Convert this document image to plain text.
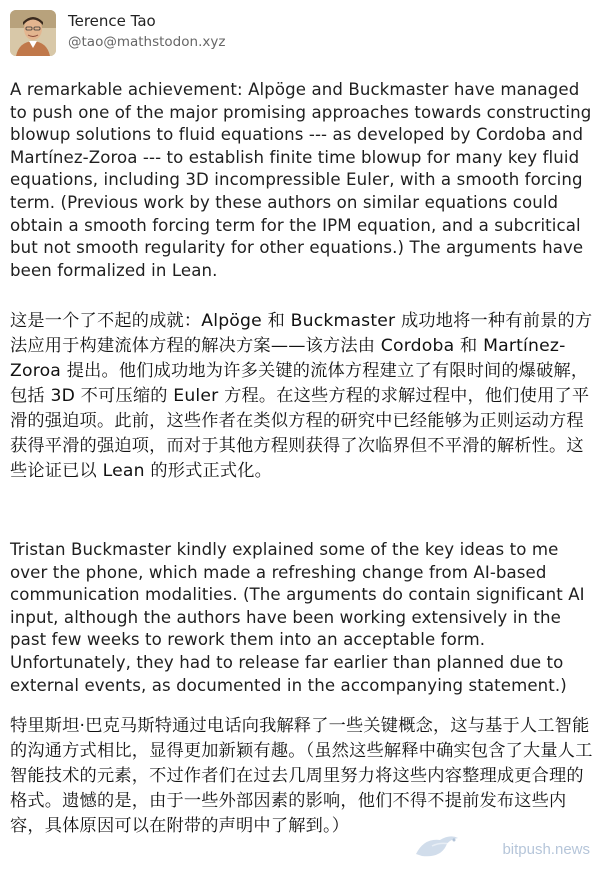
Terence Tao
@tao@mathstodon.xyz

A remarkable achievement: Alpöge and Buckmaster have managed to push one of the major promising approaches towards constructing blowup solutions to fluid equations --- as developed by Cordoba and Martínez-Zoroa --- to establish finite time blowup for many key fluid equations, including 3D incompressible Euler, with a smooth forcing term. (Previous work by these authors on similar equations could obtain a smooth forcing term for the IPM equation, and a subcritical but not smooth regularity for other equations.) The arguments have been formalized in Lean.

这是一个了不起的成就：Alpöge 和 Buckmaster 成功地将一种有前景的方法应用于构建流体方程的解决方案——该方法由 Cordoba 和 Martínez-Zoroa 提出。他们成功地为许多关键的流体方程建立了有限时间的爆破解，包括 3D 不可压缩的 Euler 方程。在这些方程的求解过程中，他们使用了平滑的强迫项。此前，这些作者在类似方程的研究中已经能够为正则运动方程获得平滑的强迫项，而对于其他方程则获得了次临界但不平滑的解析性。这些论证已以 Lean 的形式正式化。

Tristan Buckmaster kindly explained some of the key ideas to me over the phone, which made a refreshing change from AI-based communication modalities. (The arguments do contain significant AI input, although the authors have been working extensively in the past few weeks to rework them into an acceptable form. Unfortunately, they had to release far earlier than planned due to external events, as documented in the accompanying statement.)

特里斯坦·巴克马斯特通过电话向我解释了一些关键概念，这与基于人工智能的沟通方式相比，显得更加新颖有趣。（虽然这些解释中确实包含了大量人工智能技术的元素，不过作者们在过去几周里努力将这些内容整理成更合理的格式。遗憾的是，由于一些外部因素的影响，他们不得不提前发布这些内容，具体原因可以在附带的声明中了解到。）

bitpush.news
